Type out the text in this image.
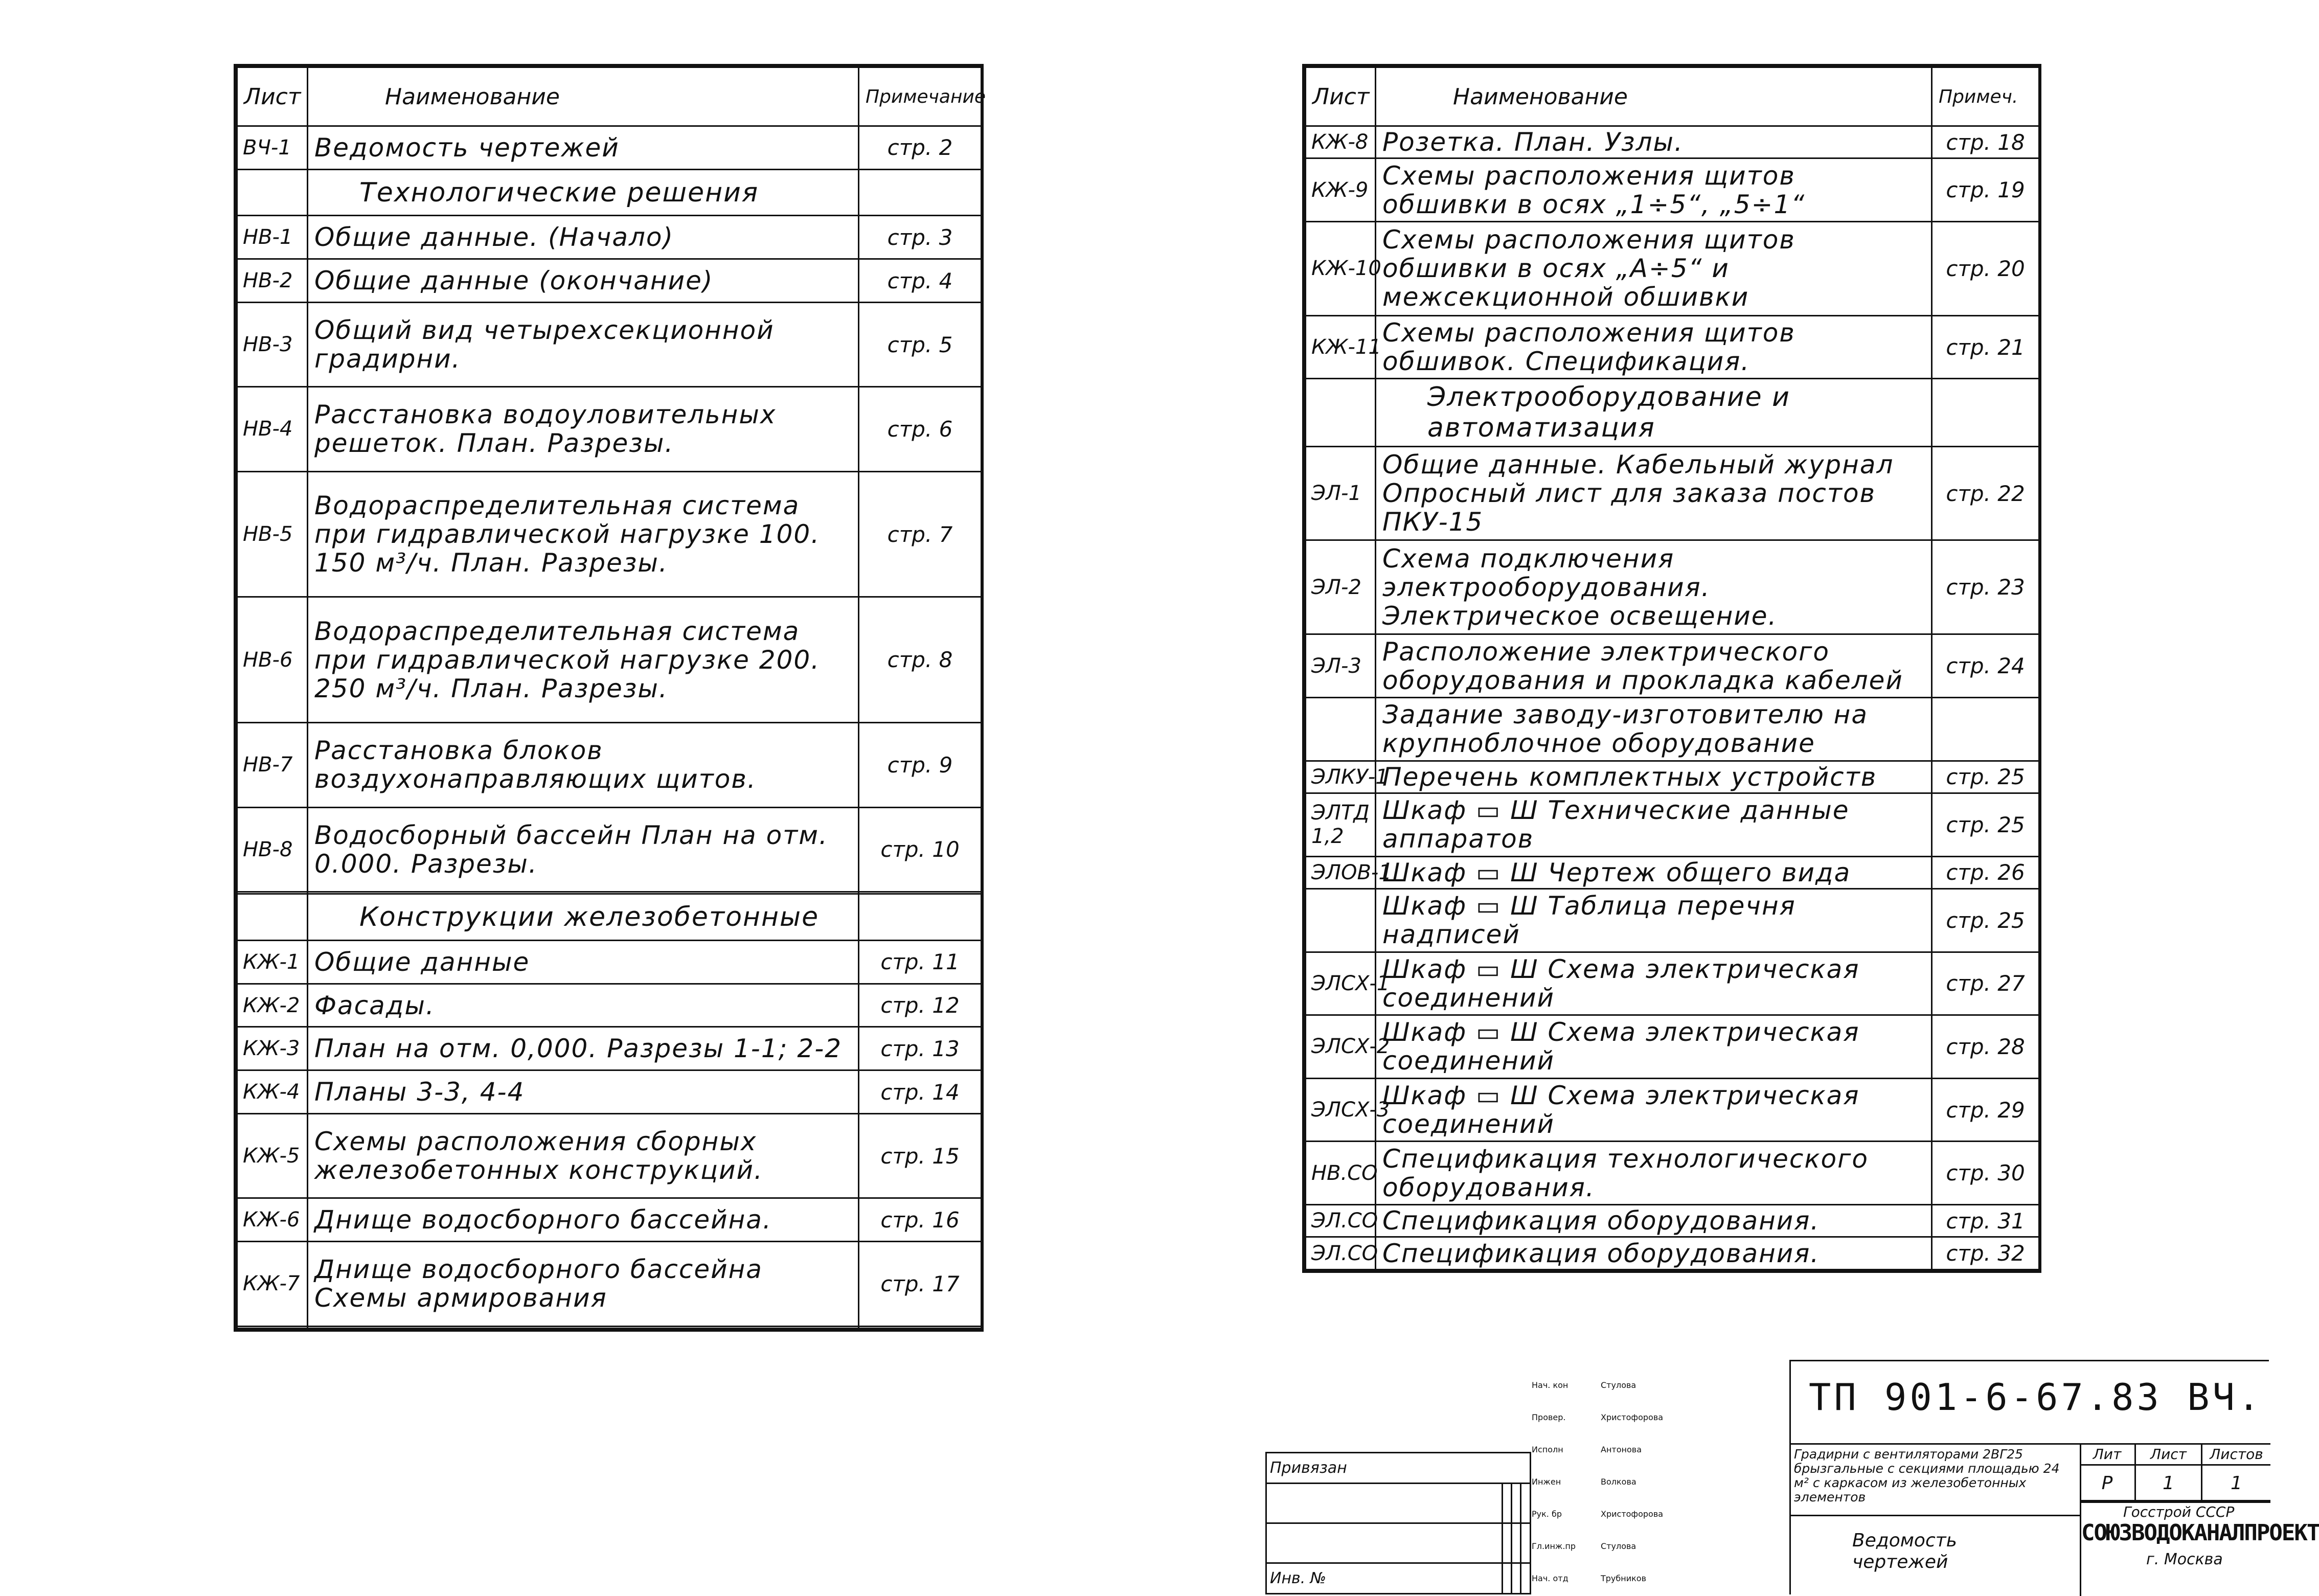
Лист	Наименование	Примечание
ВЧ-1	Ведомость чертежей	стр. 2
	Технологические решения	
НВ-1	Общие данные. (Начало)	стр. 3
НВ-2	Общие данные (окончание)	стр. 4
НВ-3	Общий вид четырехсекционной градирни.	стр. 5
НВ-4	Расстановка водоуловительных решеток. План. Разрезы.	стр. 6
НВ-5	Водораспределительная система при гидравлической нагрузке 100. 150 м³/ч. План. Разрезы.	стр. 7
НВ-6	Водораспределительная система при гидравлической нагрузке 200. 250 м³/ч. План. Разрезы.	стр. 8
НВ-7	Расстановка блоков воздухонаправляющих щитов.	стр. 9
НВ-8	Водосборный бассейн План на отм. 0.000. Разрезы.	стр. 10

	Конструкции железобетонные	
КЖ-1	Общие данные	стр. 11
КЖ-2	Фасады.	стр. 12
КЖ-3	План на отм. 0,000. Разрезы 1-1; 2-2	стр. 13
КЖ-4	Планы 3-3, 4-4	стр. 14
КЖ-5	Схемы расположения сборных железобетонных конструкций.	стр. 15
КЖ-6	Днище водосборного бассейна.	стр. 16
КЖ-7	Днище водосборного бассейна Схемы армирования	стр. 17

Лист	Наименование	Примеч.
КЖ-8	Розетка. План. Узлы.	стр. 18
КЖ-9	Схемы расположения щитов обшивки в осях „1÷5“, „5÷1“	стр. 19
КЖ-10	Схемы расположения щитов обшивки в осях „А÷5“ и межсекционной обшивки	стр. 20
КЖ-11	Схемы расположения щитов обшивок. Спецификация.	стр. 21
	Электрооборудование и автоматизация	
ЭЛ-1	Общие данные. Кабельный журнал Опросный лист для заказа постов ПКУ-15	стр. 22
ЭЛ-2	Схема подключения электрооборудования. Электрическое освещение.	стр. 23
ЭЛ-3	Расположение электрического оборудования и прокладка кабелей	стр. 24
	Задание заводу-изготовителю на крупноблочное оборудование	
ЭЛКУ-1	Перечень комплектных устройств	стр. 25
ЭЛТД 1,2	Шкаф ▭ Ш Технические данные аппаратов	стр. 25
ЭЛОВ-1	Шкаф ▭ Ш Чертеж общего вида	стр. 26
	Шкаф ▭ Ш Таблица перечня надписей	стр. 25
ЭЛСХ-1	Шкаф ▭ Ш Схема электрическая соединений	стр. 27
ЭЛСХ-2	Шкаф ▭ Ш Схема электрическая соединений	стр. 28
ЭЛСХ-3	Шкаф ▭ Ш Схема электрическая соединений	стр. 29
НВ.СО	Спецификация технологического оборудования.	стр. 30
ЭЛ.СО	Спецификация оборудования.	стр. 31
ЭЛ.СО	Спецификация оборудования.	стр. 32
Привязан			

Инв. №			

Нач. кон	Стулова		
Провер.	Христофорова		
Исполн	Антонова		
Инжен	Волкова		
Рук. бр	Христофорова		
Гл.инж.пр	Стулова		
Нач. отд	Трубников		
ТП 901-6-67.83 ВЧ.
Градирни с вентиляторами 2ВГ25 брызгальные с секциями площадью 24 м² с каркасом из железобетонных элементов
Лит	Лист	Листов
Р	1	1
Ведомость чертежей
Госстрой СССР
СОЮЗВОДОКАНАЛПРОЕКТ
г. Москва
